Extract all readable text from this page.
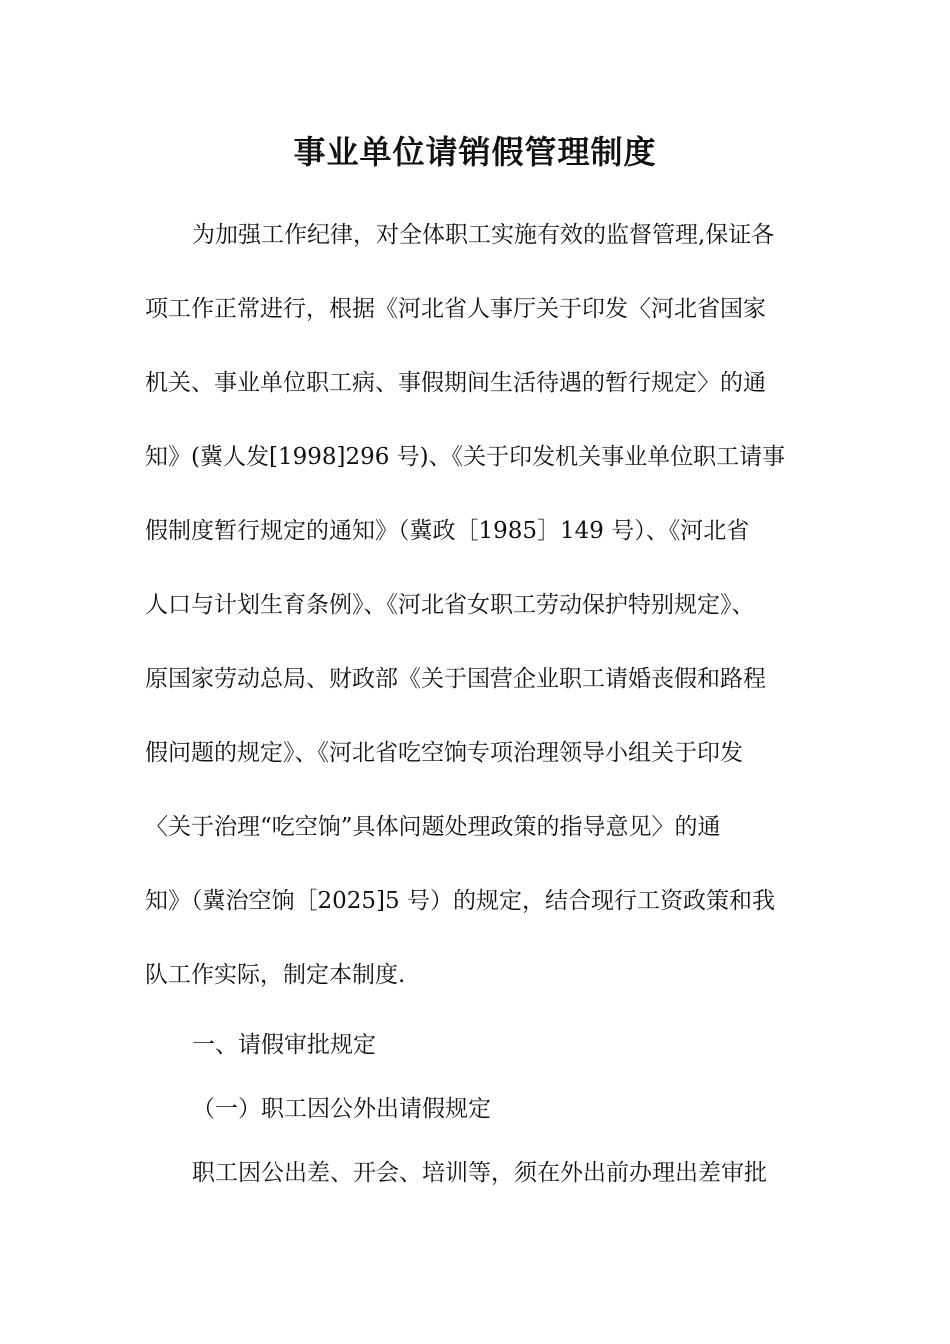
事业单位请销假管理制度
为加强工作纪律，对全体职工实施有效的监督管理,保证各
项工作正常进行，根据《河北省人事厅关于印发〈河北省国家
机关、事业单位职工病、事假期间生活待遇的暂行规定〉的通
知》(冀人发[1998]296 号)、《关于印发机关事业单位职工请事
假制度暂行规定的通知》（冀政［1985］149 号）、《河北省
人口与计划生育条例》、《河北省女职工劳动保护特别规定》、
原国家劳动总局、财政部《关于国营企业职工请婚丧假和路程
假问题的规定》、《河北省吃空饷专项治理领导小组关于印发
〈关于治理“吃空饷”具体问题处理政策的指导意见〉的通
知》（冀治空饷［2025]5 号）的规定，结合现行工资政策和我
队工作实际，制定本制度.
一、请假审批规定
（一）职工因公外出请假规定
职工因公出差、开会、培训等，须在外出前办理出差审批
